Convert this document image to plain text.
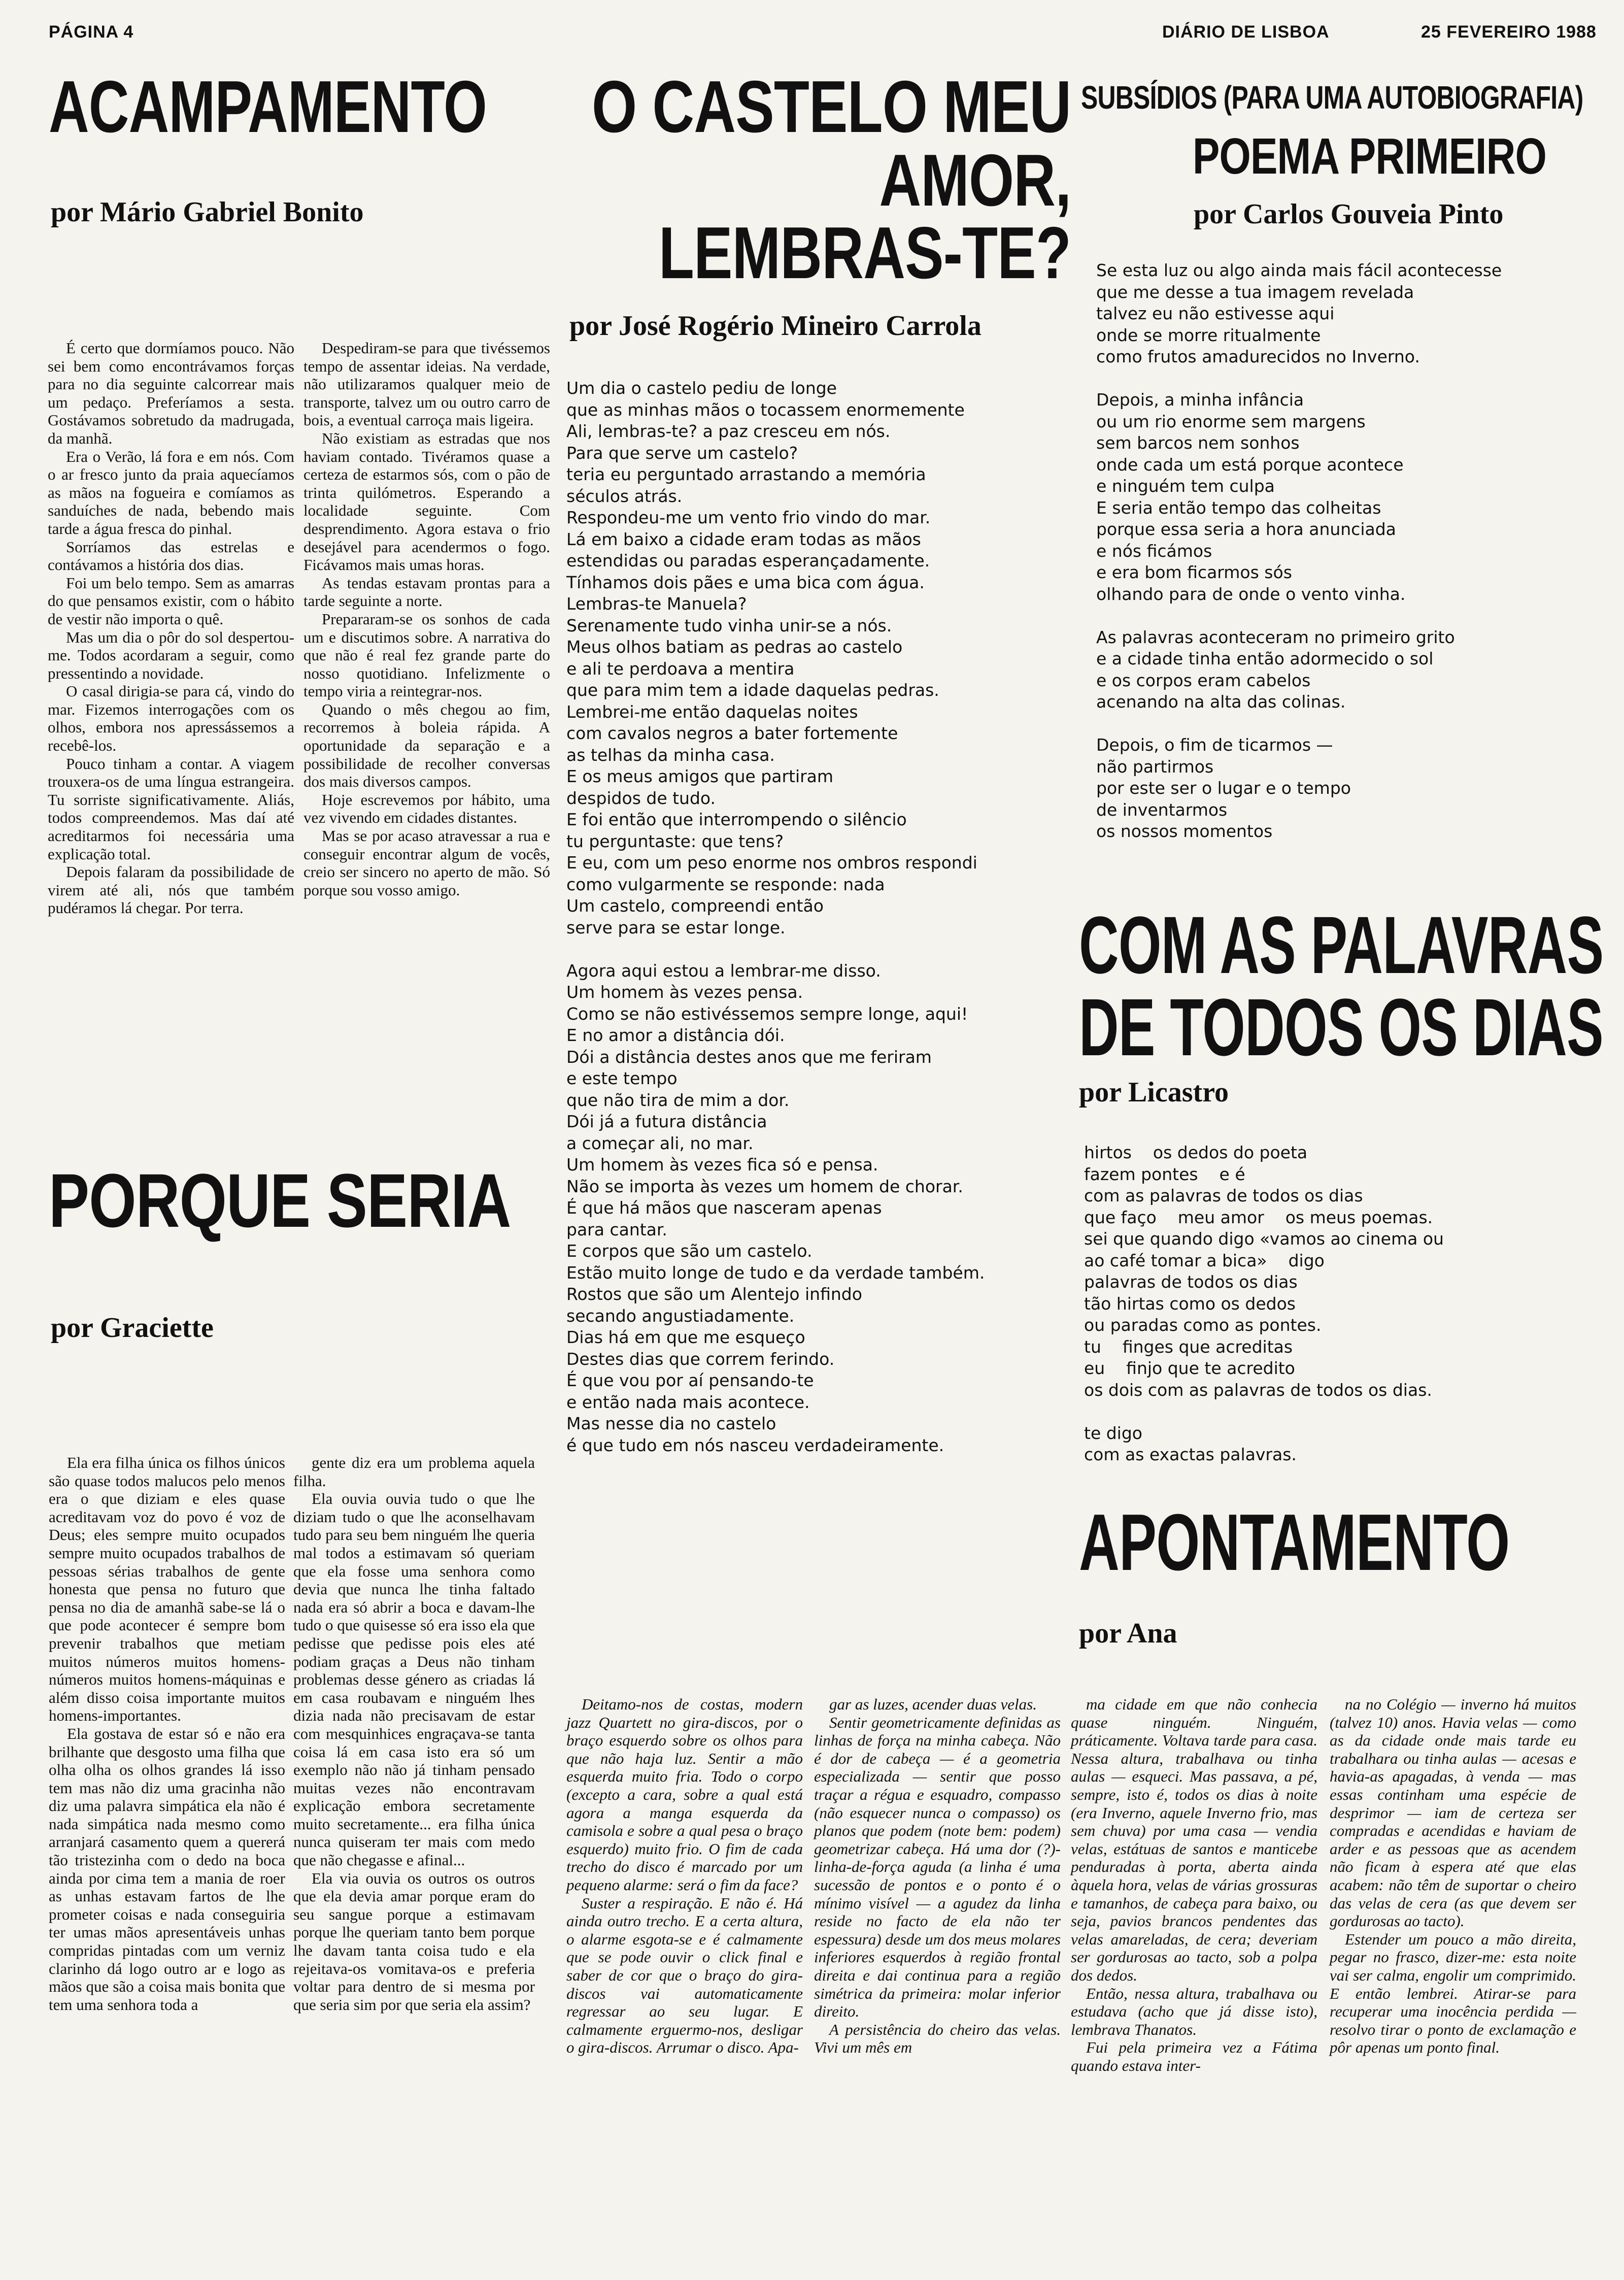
PÁGINA 4	DIÁRIO DE LISBOA	25 FEVEREIRO 1988
ACAMPAMENTO
por Mário Gabriel Bonito

É certo que dormíamos pouco. Não sei bem como encontrávamos forças para no dia seguinte calcorrear mais um pedaço. Preferíamos a sesta. Gostávamos sobretudo da madrugada, da manhã.

Era o Verão, lá fora e em nós. Com o ar fresco junto da praia aquecíamos as mãos na fogueira e comíamos as sanduíches de nada, bebendo mais tarde a água fresca do pinhal.

Sorríamos das estrelas e contávamos a história dos dias.

Foi um belo tempo. Sem as amarras do que pensamos existir, com o hábito de vestir não importa o quê.

Mas um dia o pôr do sol despertou-me. Todos acordaram a seguir, como pressentindo a novidade.

O casal dirigia-se para cá, vindo do mar. Fizemos interrogações com os olhos, embora nos apressássemos a recebê-los.

Pouco tinham a contar. A viagem trouxera-os de uma língua estrangeira. Tu sorriste significativamente. Aliás, todos compreendemos. Mas daí até acreditarmos foi necessária uma explicação total.

Depois falaram da possibilidade de virem até ali, nós que também pudéramos lá chegar. Por terra.

Despediram-se para que tivéssemos tempo de assentar ideias. Na verdade, não utilizaramos qualquer meio de transporte, talvez um ou outro carro de bois, a eventual carroça mais ligeira.

Não existiam as estradas que nos haviam contado. Tivéramos quase a certeza de estarmos sós, com o pão de trinta quilómetros. Esperando a localidade seguinte. Com desprendimento. Agora estava o frio desejável para acendermos o fogo. Ficávamos mais umas horas.

As tendas estavam prontas para a tarde seguinte a norte.

Prepararam-se os sonhos de cada um e discutimos sobre. A narrativa do que não é real fez grande parte do nosso quotidiano. Infelizmente o tempo viria a reintegrar-nos.

Quando o mês chegou ao fim, recorremos à boleia rápida. A oportunidade da separação e a possibilidade de recolher conversas dos mais diversos campos.

Hoje escrevemos por hábito, uma vez vivendo em cidades distantes.

Mas se por acaso atravessar a rua e conseguir encontrar algum de vocês, creio ser sincero no aperto de mão. Só porque sou vosso amigo.

O CASTELO MEU
AMOR,
LEMBRAS-TE?
por José Rogério Mineiro Carrola
Um dia o castelo pediu de longe
que as minhas mãos o tocassem enormemente
Ali, lembras-te? a paz cresceu em nós.
Para que serve um castelo?
teria eu perguntado arrastando a memória
séculos atrás.
Respondeu-me um vento frio vindo do mar.
Lá em baixo a cidade eram todas as mãos
estendidas ou paradas esperançadamente.
Tínhamos dois pães e uma bica com água.
Lembras-te Manuela?
Serenamente tudo vinha unir-se a nós.
Meus olhos batiam as pedras ao castelo
e ali te perdoava a mentira
que para mim tem a idade daquelas pedras.
Lembrei-me então daquelas noites
com cavalos negros a bater fortemente
as telhas da minha casa.
E os meus amigos que partiram
despidos de tudo.
E foi então que interrompendo o silêncio
tu perguntaste: que tens?
E eu, com um peso enorme nos ombros respondi
como vulgarmente se responde: nada
Um castelo, compreendi então
serve para se estar longe.
Agora aqui estou a lembrar-me disso.
Um homem às vezes pensa.
Como se não estivéssemos sempre longe, aqui!
E no amor a distância dói.
Dói a distância destes anos que me feriram
e este tempo
que não tira de mim a dor.
Dói já a futura distância
a começar ali, no mar.
Um homem às vezes fica só e pensa.
Não se importa às vezes um homem de chorar.
É que há mãos que nasceram apenas
para cantar.
E corpos que são um castelo.
Estão muito longe de tudo e da verdade também.
Rostos que são um Alentejo infindo
secando angustiadamente.
Dias há em que me esqueço
Destes dias que correm ferindo.
É que vou por aí pensando-te
e então nada mais acontece.
Mas nesse dia no castelo
é que tudo em nós nasceu verdadeiramente.
SUBSÍDIOS (PARA UMA AUTOBIOGRAFIA)
POEMA PRIMEIRO
por Carlos Gouveia Pinto
Se esta luz ou algo ainda mais fácil acontecesse
que me desse a tua imagem revelada
talvez eu não estivesse aqui
onde se morre ritualmente
como frutos amadurecidos no Inverno.
Depois, a minha infância
ou um rio enorme sem margens
sem barcos nem sonhos
onde cada um está porque acontece
e ninguém tem culpa
E seria então tempo das colheitas
porque essa seria a hora anunciada
e nós ficámos
e era bom ficarmos sós
olhando para de onde o vento vinha.
As palavras aconteceram no primeiro grito
e a cidade tinha então adormecido o sol
e os corpos eram cabelos
acenando na alta das colinas.
Depois, o fim de ticarmos —
não partirmos
por este ser o lugar e o tempo
de inventarmos
os nossos momentos
COM AS PALAVRAS
DE TODOS OS DIAS
por Licastro
hirtos    os dedos do poeta
fazem pontes    e é
com as palavras de todos os dias
que faço    meu amor    os meus poemas.
sei que quando digo «vamos ao cinema ou
ao café tomar a bica»    digo
palavras de todos os dias
tão hirtas como os dedos
ou paradas como as pontes.
tu    finges que acreditas
eu    finjo que te acredito
os dois com as palavras de todos os dias.
te digo
com as exactas palavras.
PORQUE SERIA
por Graciette

Ela era filha única os filhos únicos são quase todos malucos pelo menos era o que diziam e eles quase acreditavam voz do povo é voz de Deus; eles sempre muito ocupados sempre muito ocupados trabalhos de pessoas sérias trabalhos de gente honesta que pensa no futuro que pensa no dia de amanhã sabe-se lá o que pode acontecer é sempre bom prevenir trabalhos que metiam muitos números muitos homens-números muitos homens-máquinas e além disso coisa importante muitos homens-importantes.

Ela gostava de estar só e não era brilhante que desgosto uma filha que olha olha os olhos grandes lá isso tem mas não diz uma gracinha não diz uma palavra simpática ela não é nada simpática nada mesmo como arranjará casamento quem a quererá tão tristezinha com o dedo na boca ainda por cima tem a mania de roer as unhas estavam fartos de lhe prometer coisas e nada conseguiria ter umas mãos apresentáveis unhas compridas pintadas com um verniz clarinho dá logo outro ar e logo as mãos que são a coisa mais bonita que tem uma senhora toda a

gente diz era um problema aquela filha.

Ela ouvia ouvia tudo o que lhe diziam tudo o que lhe aconselhavam tudo para seu bem ninguém lhe queria mal todos a estimavam só queriam que ela fosse uma senhora como devia que nunca lhe tinha faltado nada era só abrir a boca e davam-lhe tudo o que quisesse só era isso ela que pedisse que pedisse pois eles até podiam graças a Deus não tinham problemas desse género as criadas lá em casa roubavam e ninguém lhes dizia nada não precisavam de estar com mesquinhices engraçava-se tanta coisa lá em casa isto era só um exemplo não não já tinham pensado muitas vezes não encontravam explicação embora secretamente muito secretamente... era filha única nunca quiseram ter mais com medo que não chegasse e afinal...

Ela via ouvia os outros os outros que ela devia amar porque eram do seu sangue porque a estimavam porque lhe queriam tanto bem porque lhe davam tanta coisa tudo e ela rejeitava-os vomitava-os e preferia voltar para dentro de si mesma por que seria sim por que seria ela assim?

APONTAMENTO
por Ana

Deitamo-nos de costas, modern jazz Quartett no gira-discos, por o braço esquerdo sobre os olhos para que não haja luz. Sentir a mão esquerda muito fria. Todo o corpo (excepto a cara, sobre a qual está agora a manga esquerda da camisola e sobre a qual pesa o braço esquerdo) muito frio. O fim de cada trecho do disco é marcado por um pequeno alarme: será o fim da face?

Suster a respiração. E não é. Há ainda outro trecho. E a certa altura, o alarme esgota-se e é calmamente que se pode ouvir o click final e saber de cor que o braço do gira-discos vai automaticamente regressar ao seu lugar. E calmamente erguermo-nos, desligar o gira-discos. Arrumar o disco. Apa-

gar as luzes, acender duas velas.

Sentir geometricamente definidas as linhas de força na minha cabeça. Não é dor de cabeça — é a geometria especializada — sentir que posso traçar a régua e esquadro, compasso (não esquecer nunca o compasso) os planos que podem (note bem: podem) geometrizar cabeça. Há uma dor (?)-linha-de-força aguda (a linha é uma sucessão de pontos e o ponto é o mínimo visível — a agudez da linha reside no facto de ela não ter espessura) desde um dos meus molares inferiores esquerdos à região frontal direita e dai continua para a região simétrica da primeira: molar inferior direito.

A persistência do cheiro das velas. Vivi um mês em

ma cidade em que não conhecia quase ninguém. Ninguém, práticamente. Voltava tarde para casa. Nessa altura, trabalhava ou tinha aulas — esqueci. Mas passava, a pé, sempre, isto é, todos os dias à noite (era Inverno, aquele Inverno frio, mas sem chuva) por uma casa — vendia velas, estátuas de santos e manticebe penduradas à porta, aberta ainda àquela hora, velas de várias grossuras e tamanhos, de cabeça para baixo, ou seja, pavios brancos pendentes das velas amareladas, de cera; deveriam ser gordurosas ao tacto, sob a polpa dos dedos.

Então, nessa altura, trabalhava ou estudava (acho que já disse isto), lembrava Thanatos.

Fui pela primeira vez a Fátima quando estava inter-

na no Colégio — inverno há muitos (talvez 10) anos. Havia velas — como as da cidade onde mais tarde eu trabalhara ou tinha aulas — acesas e havia-as apagadas, à venda — mas essas continham uma espécie de desprimor — iam de certeza ser compradas e acendidas e haviam de arder e as pessoas que as acendem não ficam à espera até que elas acabem: não têm de suportar o cheiro das velas de cera (as que devem ser gordurosas ao tacto).

Estender um pouco a mão direita, pegar no frasco, dizer-me: esta noite vai ser calma, engolir um comprimido. E então lembrei. Atirar-se para recuperar uma inocência perdida — resolvo tirar o ponto de exclamação e pôr apenas um ponto final.
